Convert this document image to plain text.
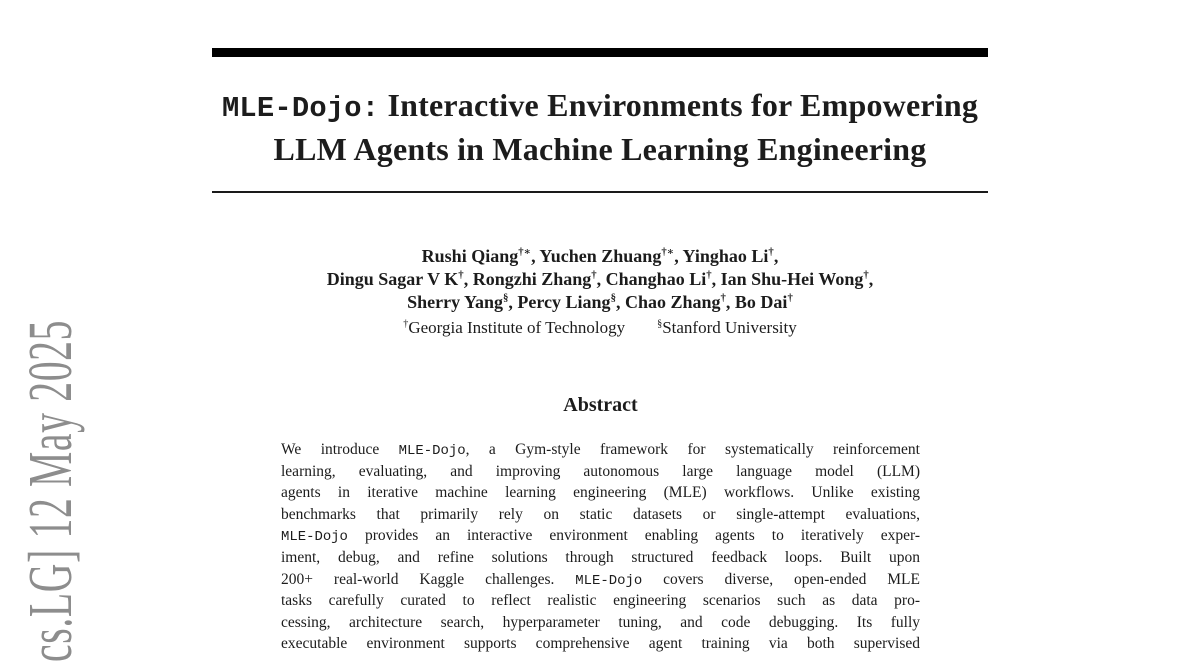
cs.LG] 12 May 2025
MLE-Dojo: Interactive Environments for Empowering
LLM Agents in Machine Learning Engineering
Rushi Qiang†∗, Yuchen Zhuang†∗, Yinghao Li†,
Dingu Sagar V K†, Rongzhi Zhang†, Changhao Li†, Ian Shu-Hei Wong†,
Sherry Yang§, Percy Liang§, Chao Zhang†, Bo Dai†
†Georgia Institute of Technology	§Stanford University
Abstract
We introduce MLE-Dojo, a Gym-style framework for systematically reinforcement
learning, evaluating, and improving autonomous large language model (LLM)
agents in iterative machine learning engineering (MLE) workflows. Unlike existing
benchmarks that primarily rely on static datasets or single-attempt evaluations,
MLE-Dojo provides an interactive environment enabling agents to iteratively exper-
iment, debug, and refine solutions through structured feedback loops. Built upon
200+ real-world Kaggle challenges. MLE-Dojo covers diverse, open-ended MLE
tasks carefully curated to reflect realistic engineering scenarios such as data pro-
cessing, architecture search, hyperparameter tuning, and code debugging. Its fully
executable environment supports comprehensive agent training via both supervised
